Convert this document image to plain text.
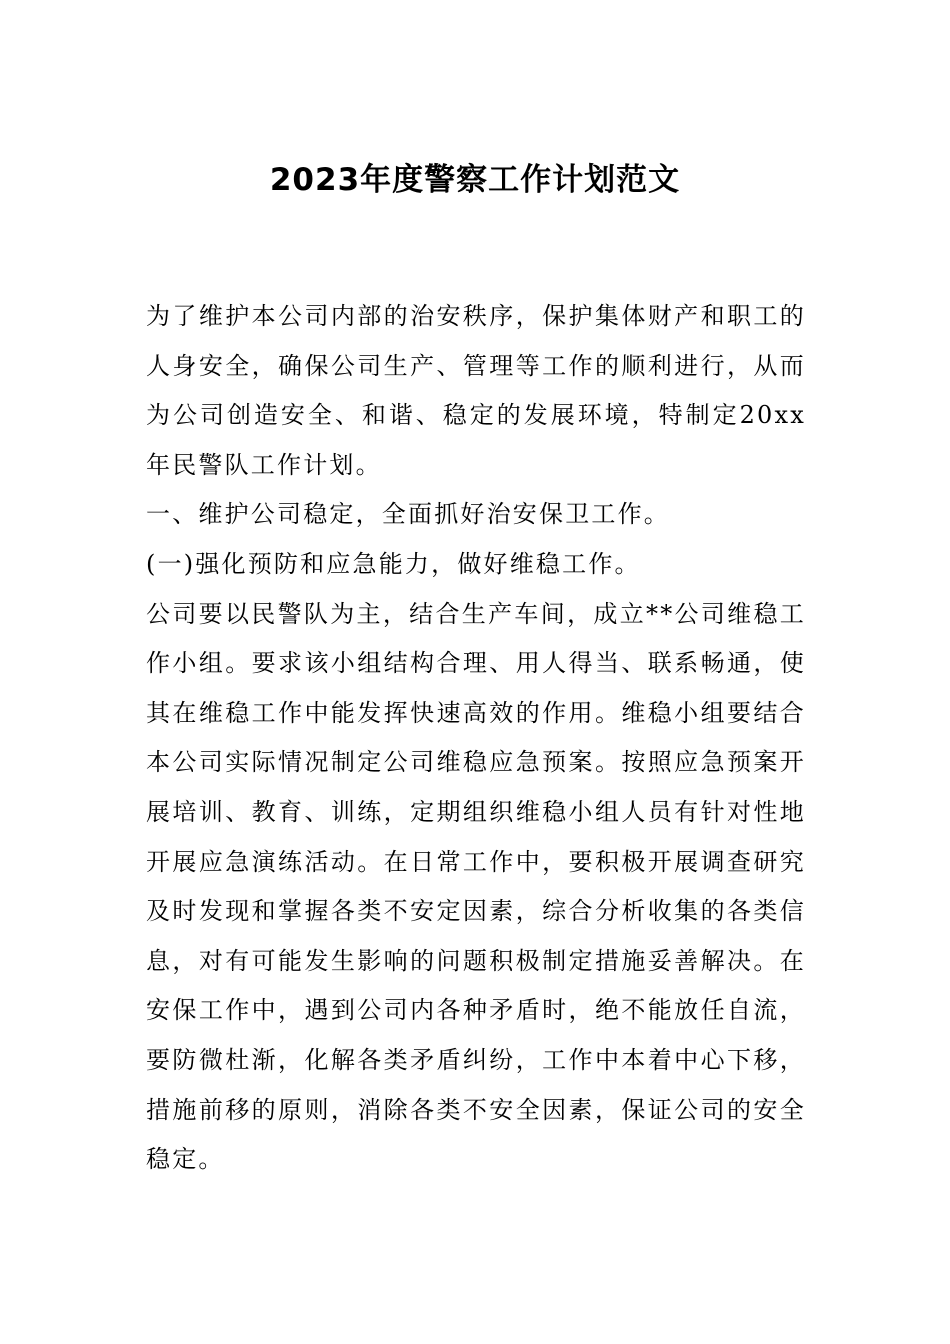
2023年度警察工作计划范文

为了维护本公司内部的治安秩序，保护集体财产和职工的人身安全，确保公司生产、管理等工作的顺利进行，从而为公司创造安全、和谐、稳定的发展环境，特制定20xx年民警队工作计划。

一、维护公司稳定，全面抓好治安保卫工作。

(一)强化预防和应急能力，做好维稳工作。

公司要以民警队为主，结合生产车间，成立**公司维稳工作小组。要求该小组结构合理、用人得当、联系畅通，使其在维稳工作中能发挥快速高效的作用。维稳小组要结合本公司实际情况制定公司维稳应急预案。按照应急预案开展培训、教育、训练，定期组织维稳小组人员有针对性地开展应急演练活动。在日常工作中，要积极开展调查研究及时发现和掌握各类不安定因素，综合分析收集的各类信息，对有可能发生影响的问题积极制定措施妥善解决。在安保工作中，遇到公司内各种矛盾时，绝不能放任自流，要防微杜渐，化解各类矛盾纠纷，工作中本着中心下移，措施前移的原则，消除各类不安全因素，保证公司的安全稳定。
